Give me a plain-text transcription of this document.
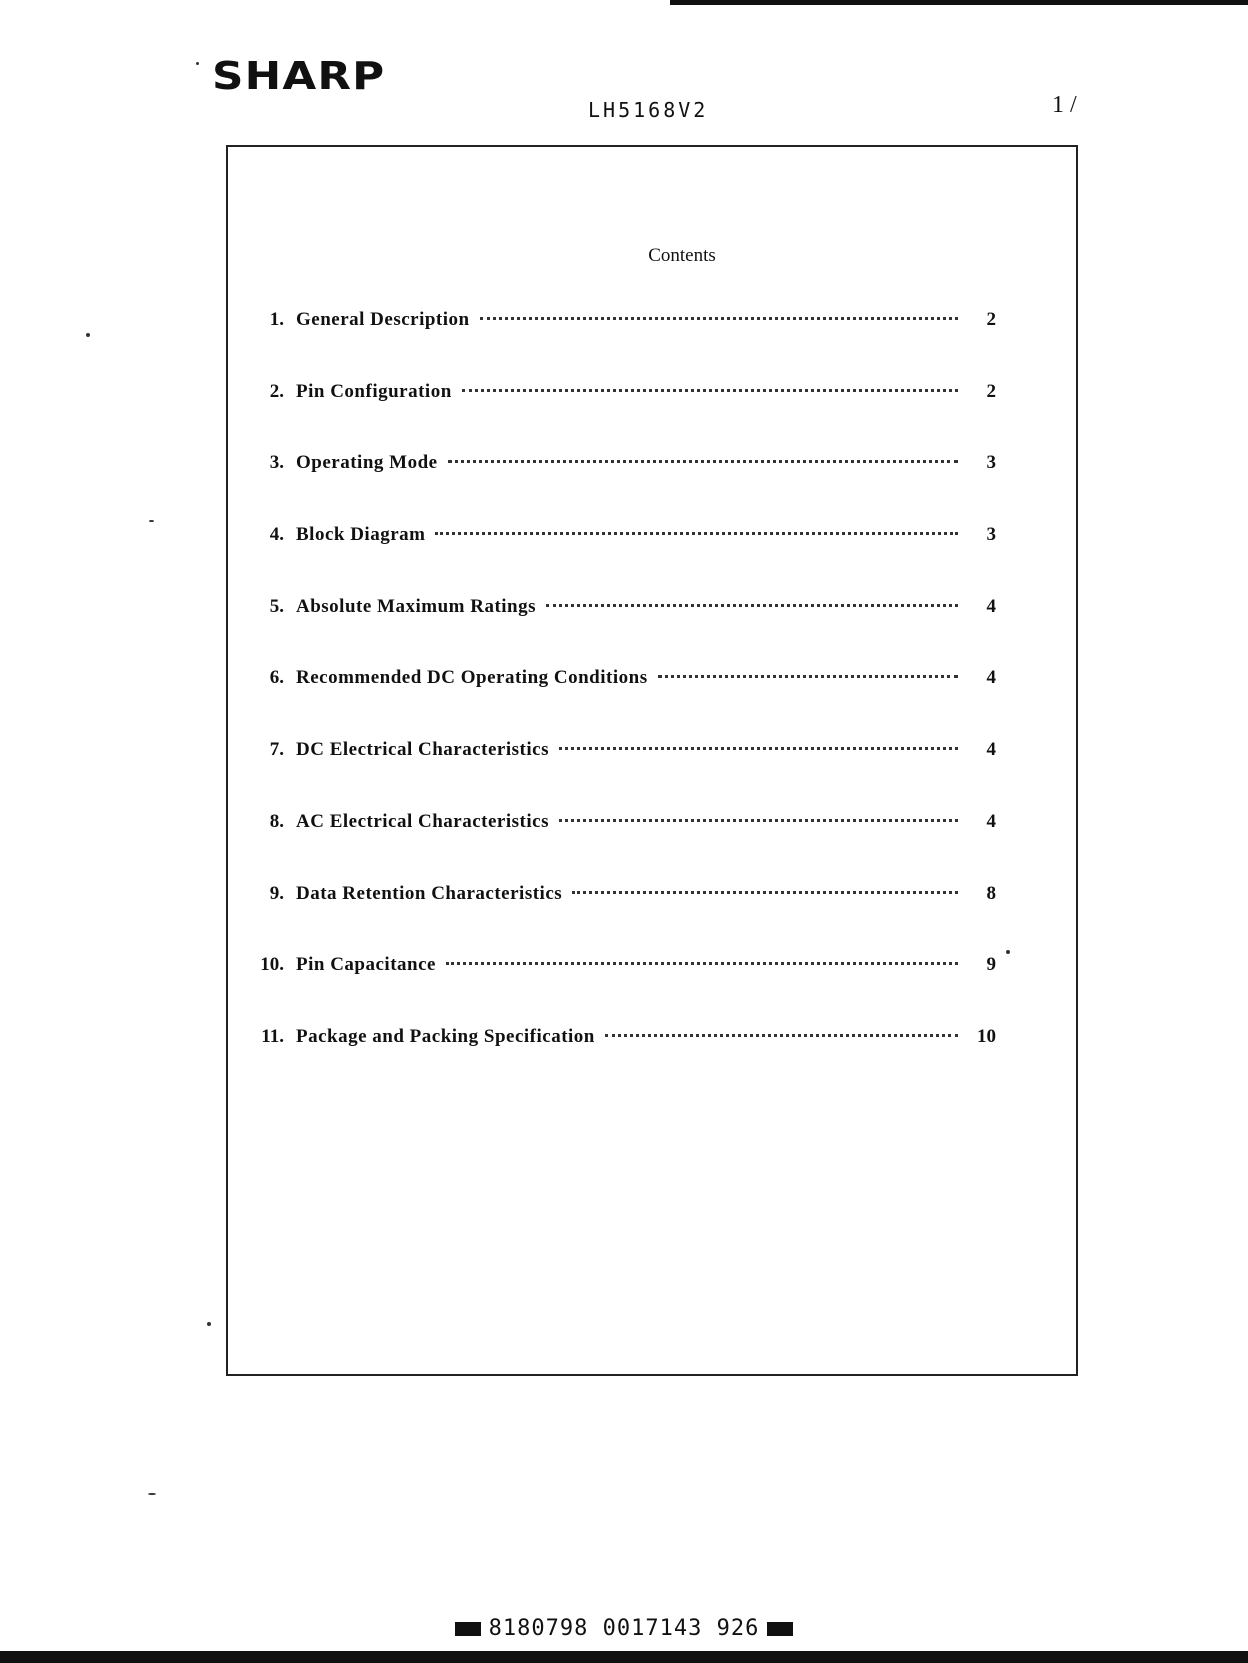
SHARP
LH5168V2	1 /
Contents
1. General Description	2
2. Pin Configuration	2
3. Operating Mode	3
4. Block Diagram	3
5. Absolute Maximum Ratings	4
6. Recommended DC Operating Conditions	4
7. DC Electrical Characteristics	4
8. AC Electrical Characteristics	4
9. Data Retention Characteristics	8
10. Pin Capacitance	9
11. Package and Packing Specification	10
8180798 0017143 926
